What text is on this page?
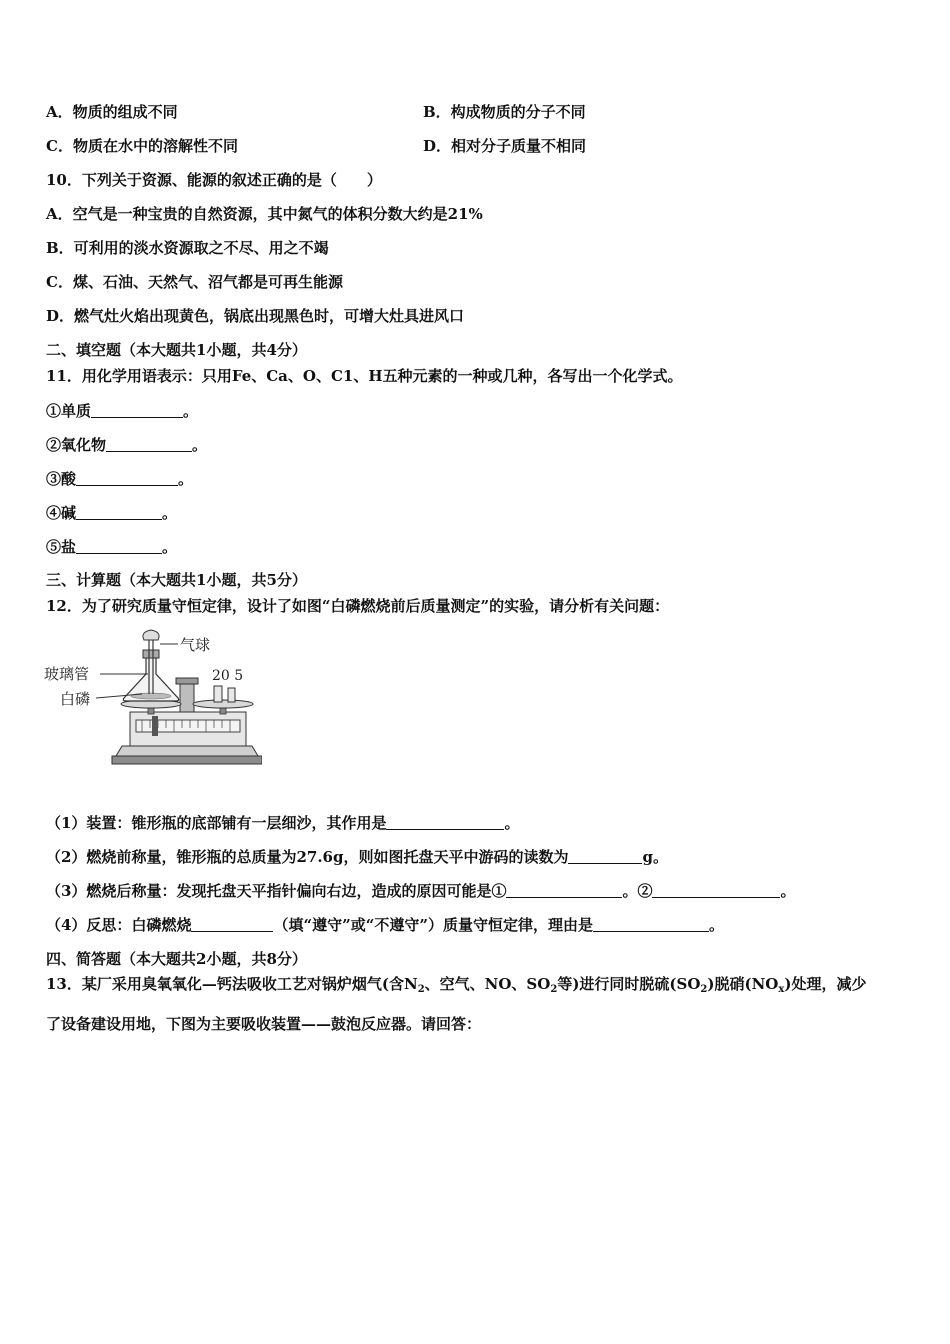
A．物质的组成不同	B．构成物质的分子不同
C．物质在水中的溶解性不同	D．相对分子质量不相同
10．下列关于资源、能源的叙述正确的是（　　）
A．空气是一种宝贵的自然资源，其中氮气的体积分数大约是21%
B．可利用的淡水资源取之不尽、用之不竭
C．煤、石油、天然气、沼气都是可再生能源
D．燃气灶火焰出现黄色，锅底出现黑色时，可增大灶具进风口
二、填空题（本大题共1小题，共4分）
11．用化学用语表示：只用Fe、Ca、O、C1、H五种元素的一种或几种，各写出一个化学式。
①单质	。
②氧化物	。
③酸	。
④碱	。
⑤盐	。
三、计算题（本大题共1小题，共5分）
12．为了研究质量守恒定律，设计了如图“白磷燃烧前后质量测定”的实验，请分析有关问题：
20 5
气球
玻璃管
白磷
（1）装置：锥形瓶的底部铺有一层细沙，其作用是	。
（2）燃烧前称量，锥形瓶的总质量为27.6g，则如图托盘天平中游码的读数为	g。
（3）燃烧后称量：发现托盘天平指针偏向右边，造成的原因可能是①	。②	。
（4）反思：白磷燃烧	（填“遵守”或“不遵守”）质量守恒定律，理由是	。
四、简答题（本大题共2小题，共8分）
13．某厂采用臭氧氧化—钙法吸收工艺对锅炉烟气(含$N_2$、空气、NO、$SO_2$等)进行同时脱硫$(SO_2)$脱硝$(NO_x)$处理，减少
了设备建设用地，下图为主要吸收装置——鼓泡反应器。请回答：
